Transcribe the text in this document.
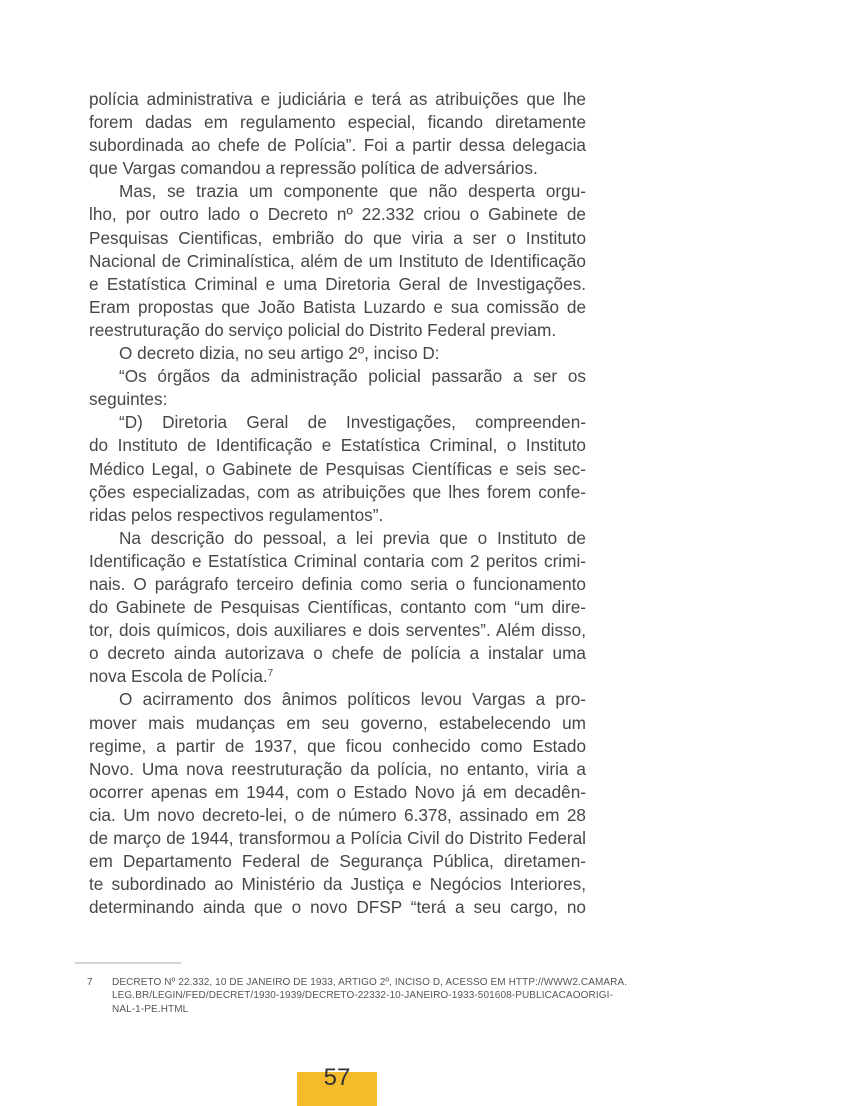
polícia administrativa e judiciária e terá as atribuições que lhe
forem dadas em regulamento especial, ficando diretamente
subordinada ao chefe de Polícia”. Foi a partir dessa delegacia
que Vargas comandou a repressão política de adversários.
Mas, se trazia um componente que não desperta orgu-
lho, por outro lado o Decreto nº 22.332 criou o Gabinete de
Pesquisas Cientificas, embrião do que viria a ser o Instituto
Nacional de Criminalística, além de um Instituto de Identificação
e Estatística Criminal e uma Diretoria Geral de Investigações.
Eram propostas que João Batista Luzardo e sua comissão de
reestruturação do serviço policial do Distrito Federal previam.
O decreto dizia, no seu artigo 2º, inciso D:
“Os órgãos da administração policial passarão a ser os
seguintes:
“D) Diretoria Geral de Investigações, compreenden-
do Instituto de Identificação e Estatística Criminal, o Instituto
Médico Legal, o Gabinete de Pesquisas Científicas e seis sec-
ções especializadas, com as atribuições que lhes forem confe-
ridas pelos respectivos regulamentos”.
Na descrição do pessoal, a lei previa que o Instituto de
Identificação e Estatística Criminal contaria com 2 peritos crimi-
nais. O parágrafo terceiro definia como seria o funcionamento
do Gabinete de Pesquisas Científicas, contanto com “um dire-
tor, dois químicos, dois auxiliares e dois serventes”. Além disso,
o decreto ainda autorizava o chefe de polícia a instalar uma
nova Escola de Polícia.$^7$
O acirramento dos ânimos políticos levou Vargas a pro-
mover mais mudanças em seu governo, estabelecendo um
regime, a partir de 1937, que ficou conhecido como Estado
Novo. Uma nova reestruturação da polícia, no entanto, viria a
ocorrer apenas em 1944, com o Estado Novo já em decadên-
cia. Um novo decreto-lei, o de número 6.378, assinado em 28
de março de 1944, transformou a Polícia Civil do Distrito Federal
em Departamento Federal de Segurança Pública, diretamen-
te subordinado ao Ministério da Justiça e Negócios Interiores,
determinando ainda que o novo DFSP “terá a seu cargo, no
7 DECRETO Nº 22.332, 10 DE JANEIRO DE 1933, ARTIGO 2º, INCISO D, ACESSO EM HTTP://WWW2.CAMARA.
LEG.BR/LEGIN/FED/DECRET/1930-1939/DECRETO-22332-10-JANEIRO-1933-501608-PUBLICACAOORIGI-
NAL-1-PE.HTML
57
